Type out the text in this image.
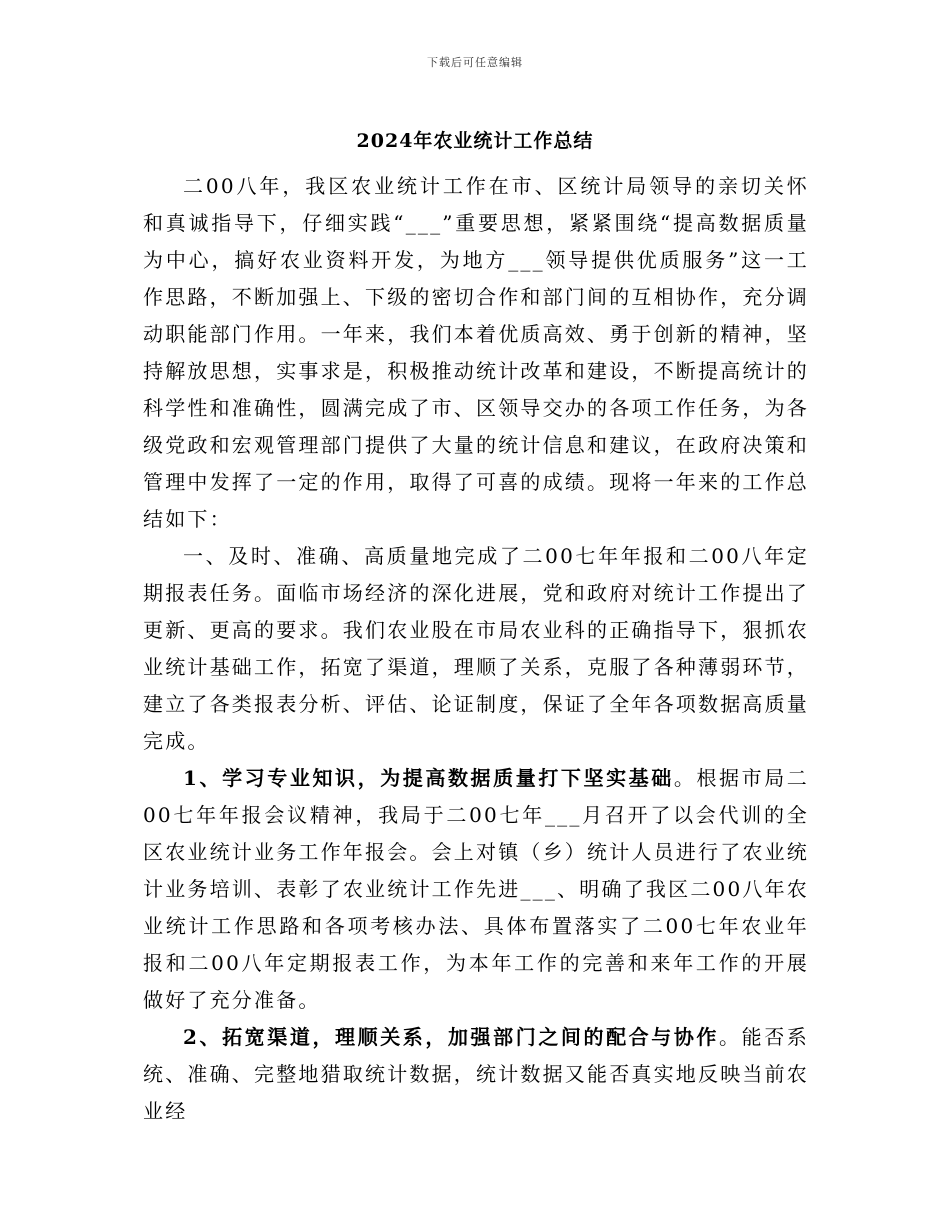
下载后可任意编辑
2024年农业统计工作总结

二00八年，我区农业统计工作在市、区统计局领导的亲切关怀和真诚指导下，仔细实践“___”重要思想，紧紧围绕“提高数据质量为中心，搞好农业资料开发，为地方___领导提供优质服务”这一工作思路，不断加强上、下级的密切合作和部门间的互相协作，充分调动职能部门作用。一年来，我们本着优质高效、勇于创新的精神，坚持解放思想，实事求是，积极推动统计改革和建设，不断提高统计的科学性和准确性，圆满完成了市、区领导交办的各项工作任务，为各级党政和宏观管理部门提供了大量的统计信息和建议，在政府决策和管理中发挥了一定的作用，取得了可喜的成绩。现将一年来的工作总结如下：

一、及时、准确、高质量地完成了二00七年年报和二00八年定期报表任务。面临市场经济的深化进展，党和政府对统计工作提出了更新、更高的要求。我们农业股在市局农业科的正确指导下，狠抓农业统计基础工作，拓宽了渠道，理顺了关系，克服了各种薄弱环节，建立了各类报表分析、评估、论证制度，保证了全年各项数据高质量完成。

1、学习专业知识，为提高数据质量打下坚实基础。根据市局二00七年年报会议精神，我局于二00七年___月召开了以会代训的全区农业统计业务工作年报会。会上对镇（乡）统计人员进行了农业统计业务培训、表彰了农业统计工作先进___、明确了我区二00八年农业统计工作思路和各项考核办法、具体布置落实了二00七年农业年报和二00八年定期报表工作，为本年工作的完善和来年工作的开展做好了充分准备。

2、拓宽渠道，理顺关系，加强部门之间的配合与协作。能否系统、准确、完整地猎取统计数据，统计数据又能否真实地反映当前农业经
